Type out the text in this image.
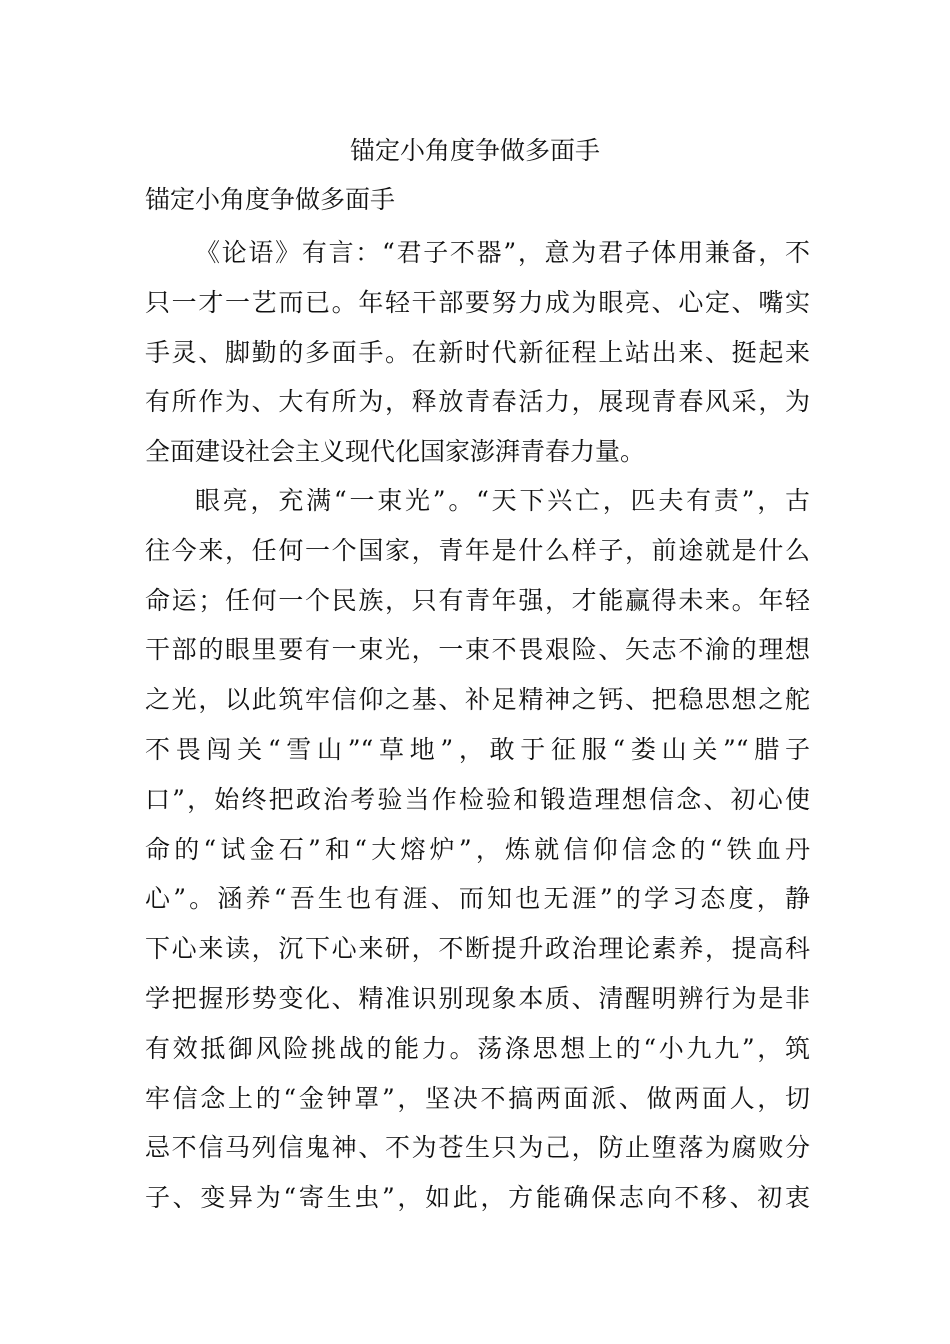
锚定小角度争做多面手
锚定小角度争做多面手
《论语》有言：“君子不器”，意为君子体用兼备，不
只一才一艺而已。年轻干部要努力成为眼亮、心定、嘴实
手灵、脚勤的多面手。在新时代新征程上站出来、挺起来
有所作为、大有所为，释放青春活力，展现青春风采，为
全面建设社会主义现代化国家澎湃青春力量。
眼亮，充满“一束光”。“天下兴亡，匹夫有责”，古
往今来，任何一个国家，青年是什么样子，前途就是什么
命运；任何一个民族，只有青年强，才能赢得未来。年轻
干部的眼里要有一束光，一束不畏艰险、矢志不渝的理想
之光，以此筑牢信仰之基、补足精神之钙、把稳思想之舵
不畏闯关“雪山”“草地”，敢于征服“娄山关”“腊子
口”，始终把政治考验当作检验和锻造理想信念、初心使
命的“试金石”和“大熔炉”，炼就信仰信念的“铁血丹
心”。涵养“吾生也有涯、而知也无涯”的学习态度，静
下心来读，沉下心来研，不断提升政治理论素养，提高科
学把握形势变化、精准识别现象本质、清醒明辨行为是非
有效抵御风险挑战的能力。荡涤思想上的“小九九”，筑
牢信念上的“金钟罩”，坚决不搞两面派、做两面人，切
忌不信马列信鬼神、不为苍生只为己，防止堕落为腐败分
子、变异为“寄生虫”，如此，方能确保志向不移、初衷
